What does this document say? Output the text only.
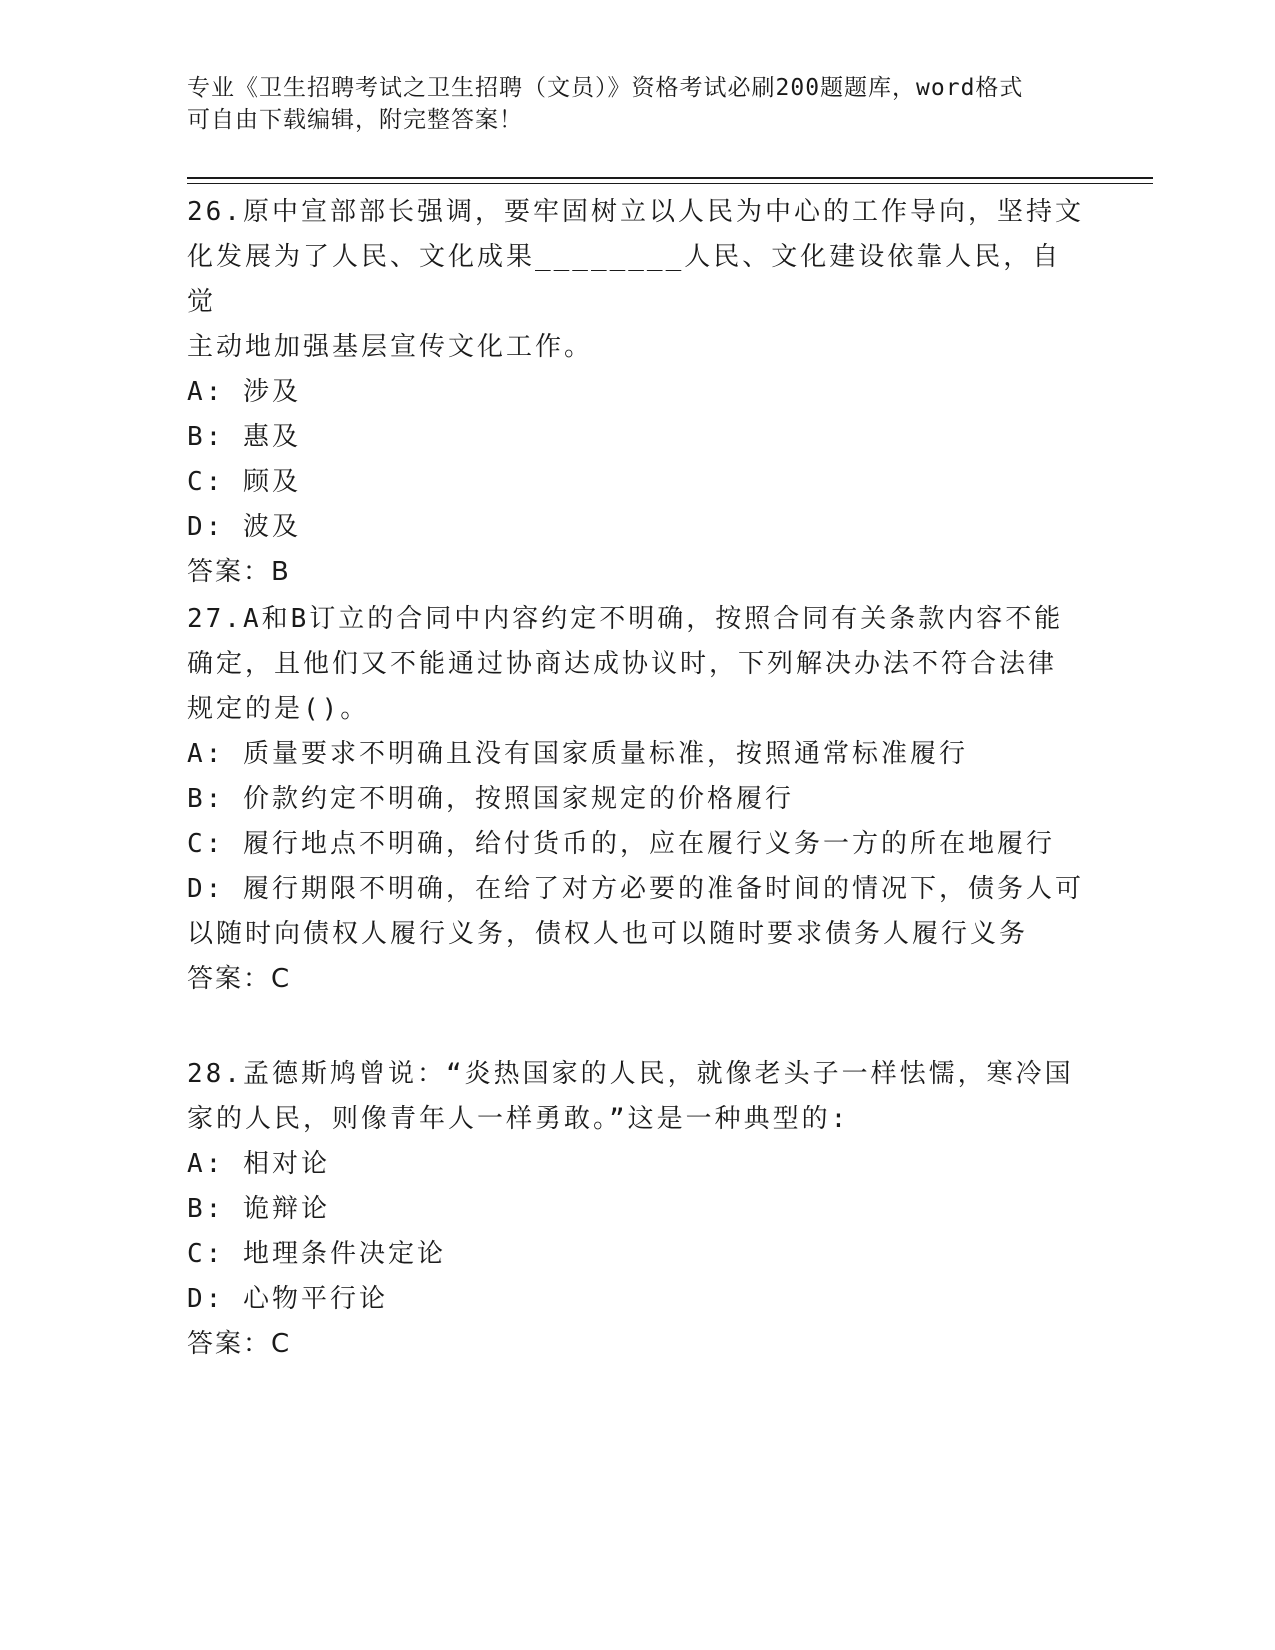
专业《卫生招聘考试之卫生招聘（文员）》资格考试必刷200题题库，word格式
可自由下载编辑，附完整答案！
26.原中宣部部长强调，要牢固树立以人民为中心的工作导向，坚持文
化发展为了人民、文化成果________人民、文化建设依靠人民，自觉
主动地加强基层宣传文化工作。
A: 涉及
B: 惠及
C: 顾及
D: 波及
答案：B
27.A和B订立的合同中内容约定不明确，按照合同有关条款内容不能
确定，且他们又不能通过协商达成协议时，下列解决办法不符合法律
规定的是()。
A: 质量要求不明确且没有国家质量标准，按照通常标准履行
B: 价款约定不明确，按照国家规定的价格履行
C: 履行地点不明确，给付货币的，应在履行义务一方的所在地履行
D: 履行期限不明确，在给了对方必要的准备时间的情况下，债务人可
以随时向债权人履行义务，债权人也可以随时要求债务人履行义务
答案：C
28.孟德斯鸠曾说：“炎热国家的人民，就像老头子一样怯懦，寒冷国
家的人民，则像青年人一样勇敢。”这是一种典型的:
A: 相对论
B: 诡辩论
C: 地理条件决定论
D: 心物平行论
答案：C
